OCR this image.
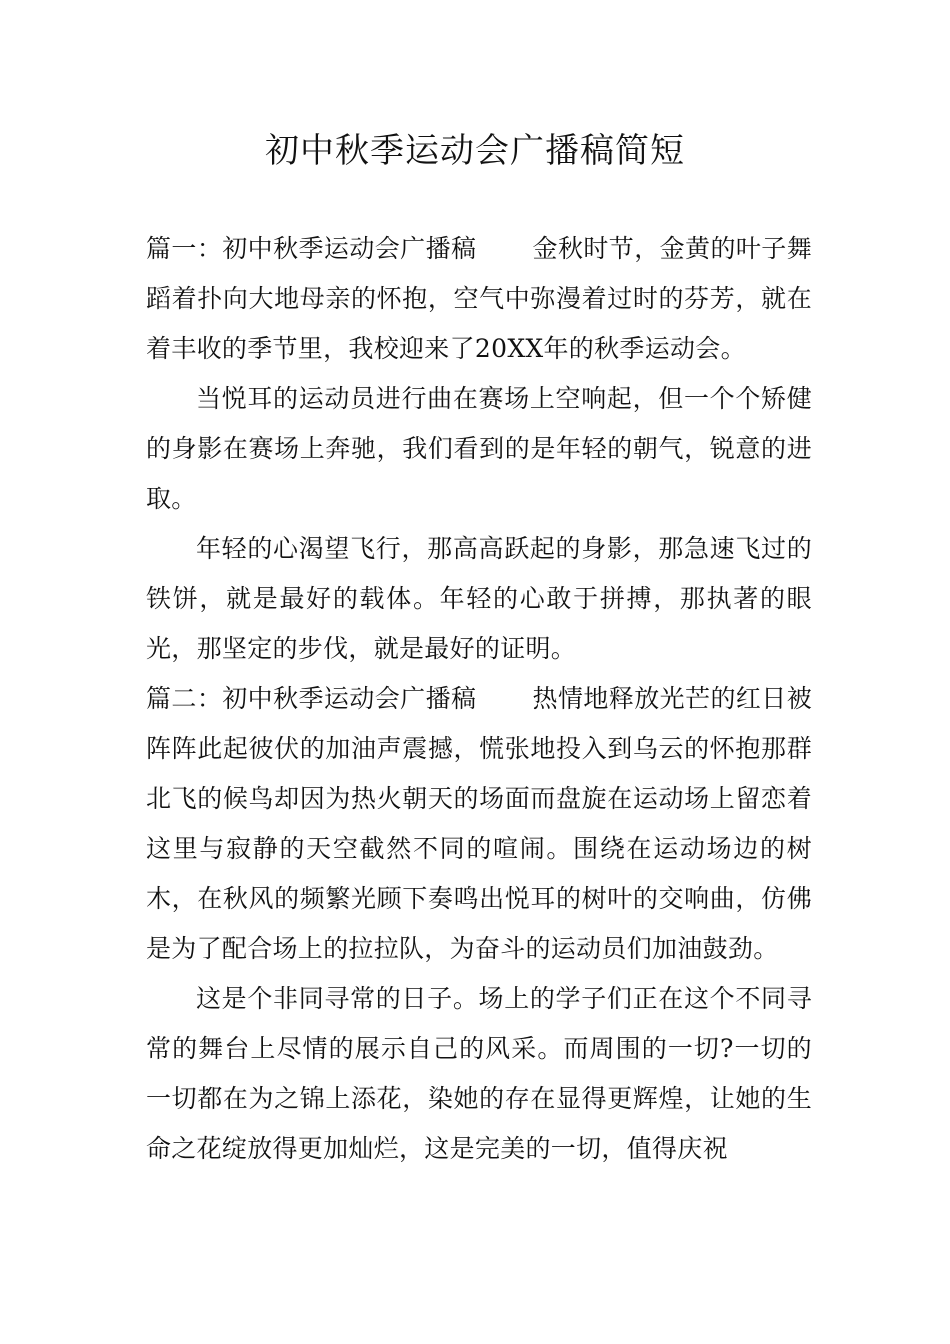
初中秋季运动会广播稿简短

篇一：初中秋季运动会广播稿 金秋时节，金黄的叶子舞蹈着扑向大地母亲的怀抱，空气中弥漫着过时的芬芳，就在着丰收的季节里，我校迎来了20XX年的秋季运动会。

当悦耳的运动员进行曲在赛场上空响起，但一个个矫健的身影在赛场上奔驰，我们看到的是年轻的朝气，锐意的进取。

年轻的心渴望飞行，那高高跃起的身影，那急速飞过的铁饼，就是最好的载体。年轻的心敢于拼搏，那执著的眼光，那坚定的步伐，就是最好的证明。

篇二：初中秋季运动会广播稿 热情地释放光芒的红日被阵阵此起彼伏的加油声震撼，慌张地投入到乌云的怀抱那群北飞的候鸟却因为热火朝天的场面而盘旋在运动场上留恋着这里与寂静的天空截然不同的喧闹。围绕在运动场边的树木，在秋风的频繁光顾下奏鸣出悦耳的树叶的交响曲，仿佛是为了配合场上的拉拉队，为奋斗的运动员们加油鼓劲。

这是个非同寻常的日子。场上的学子们正在这个不同寻常的舞台上尽情的展示自己的风采。而周围的一切?一切的一切都在为之锦上添花，染她的存在显得更辉煌，让她的生命之花绽放得更加灿烂，这是完美的一切，值得庆祝
